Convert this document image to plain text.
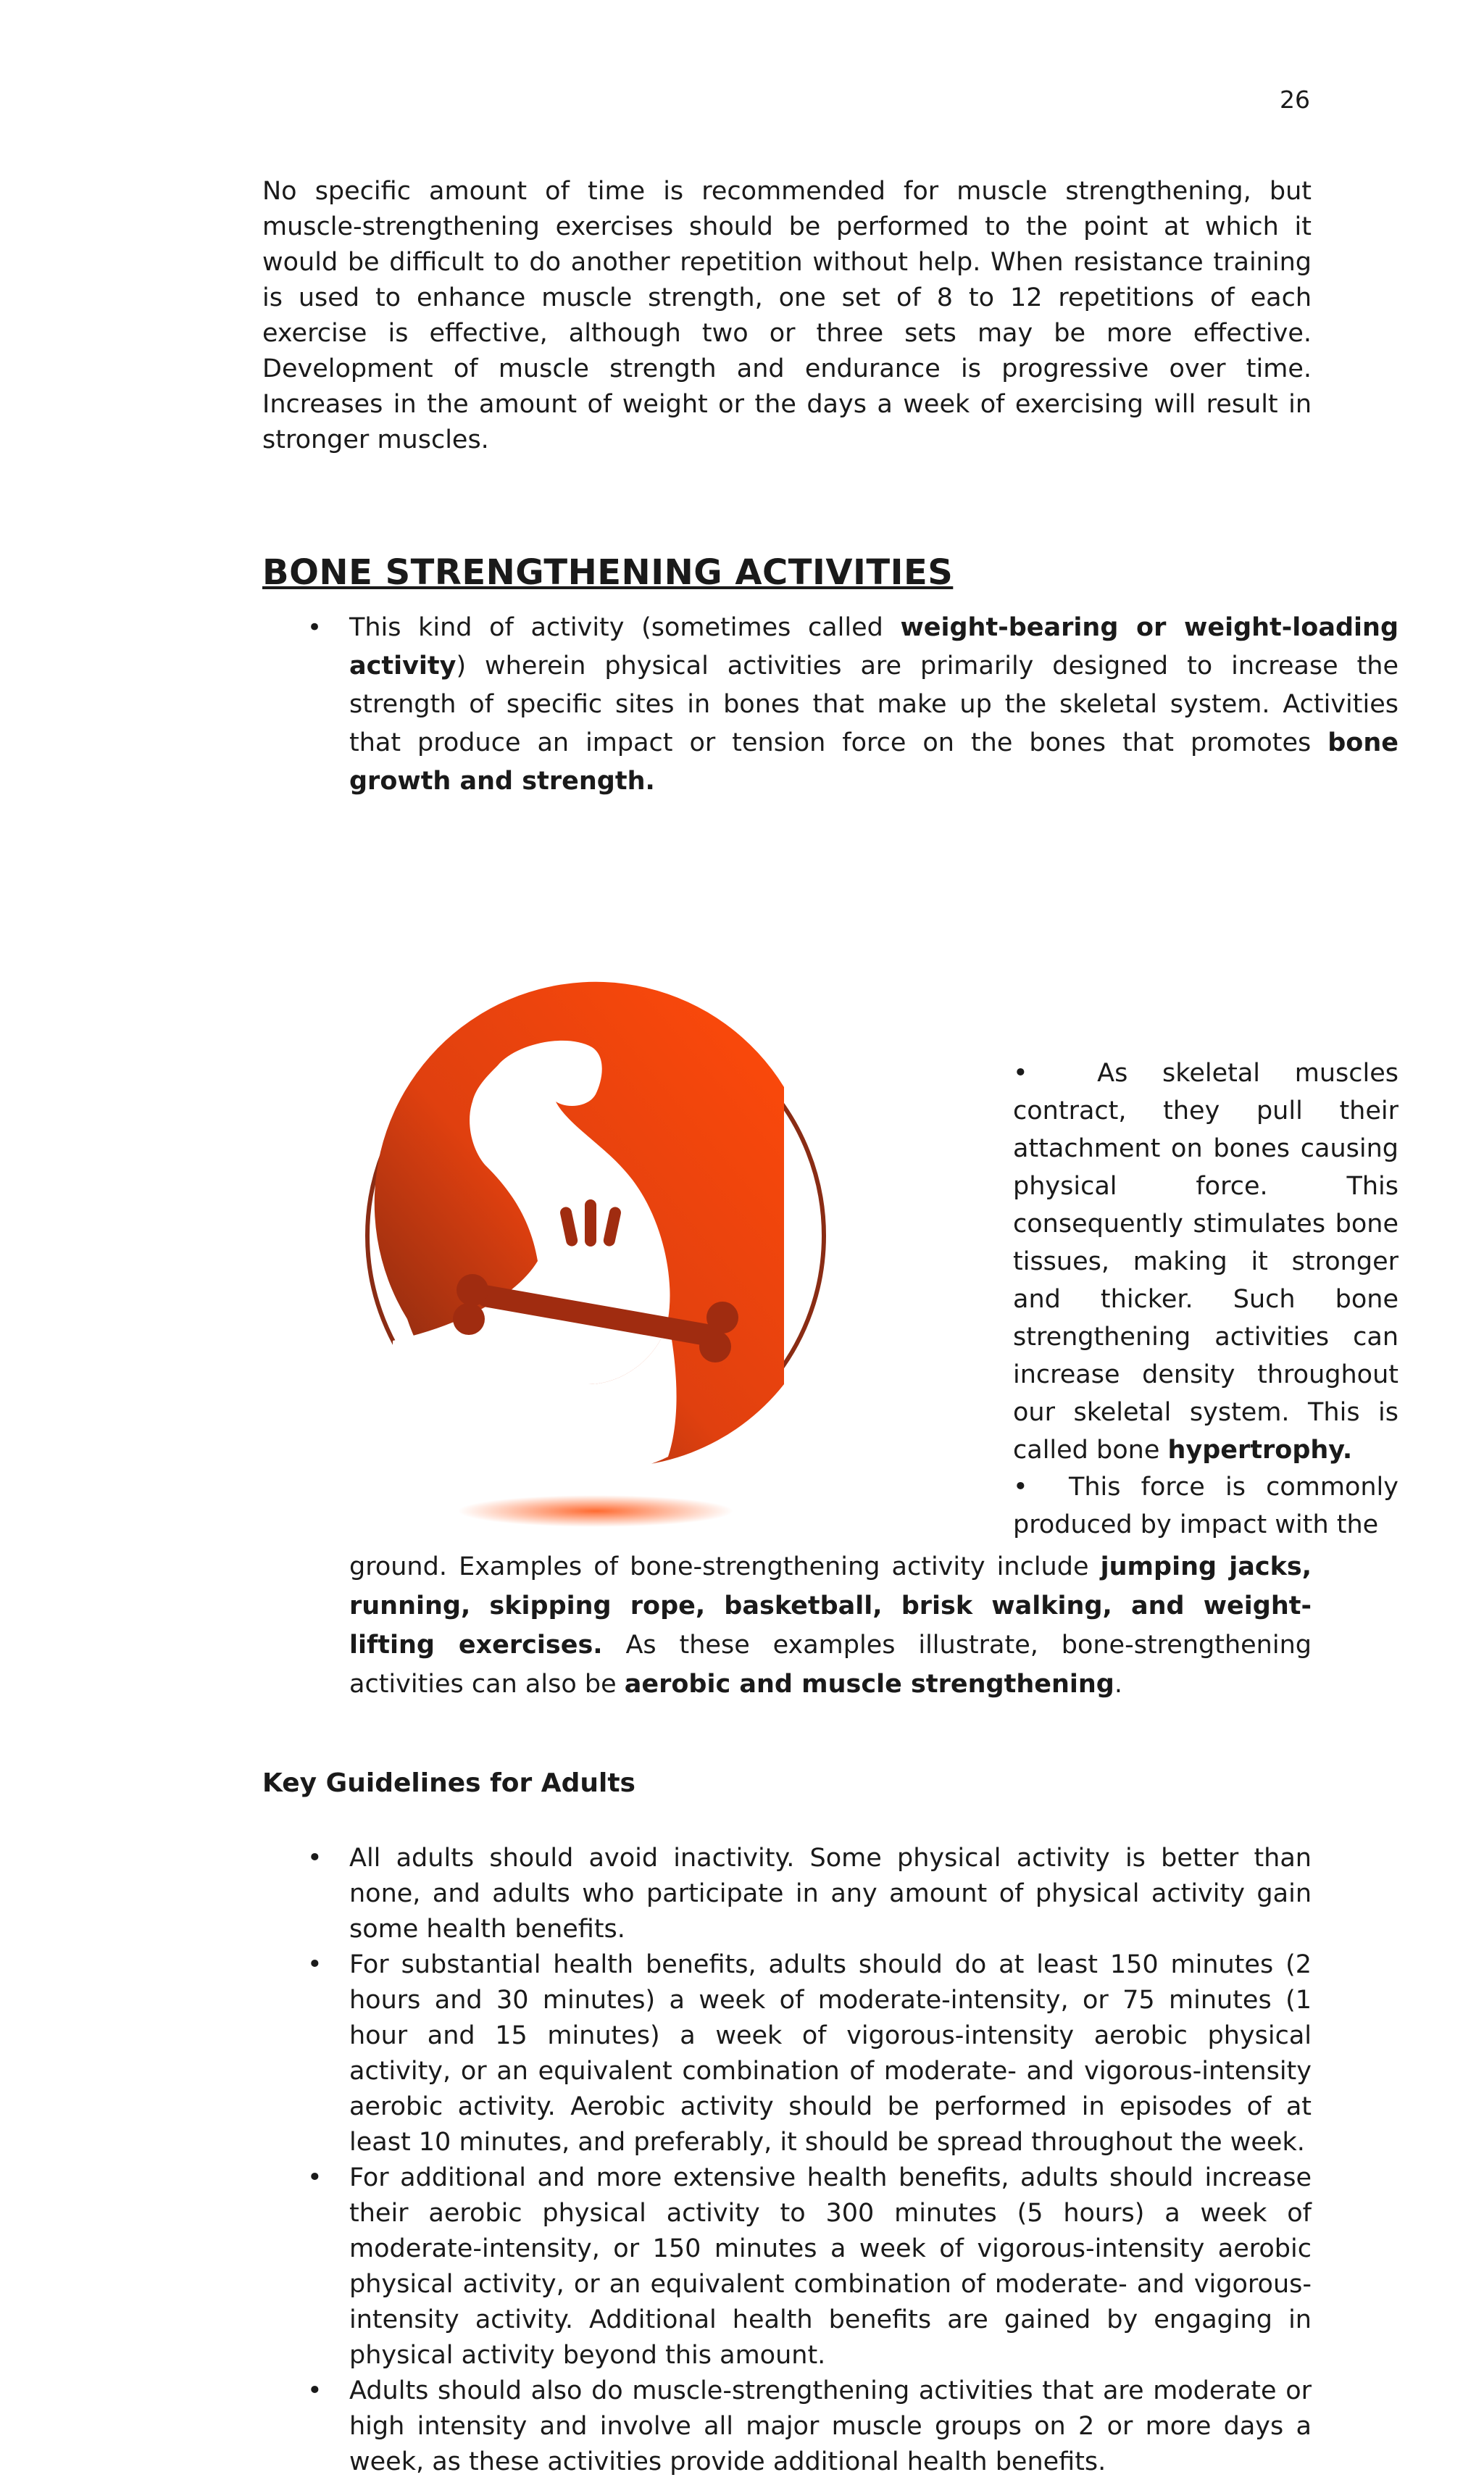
26

No specific amount of time is recommended for muscle strengthening, but muscle-strengthening exercises should be performed to the point at which it would be difficult to do another repetition without help. When resistance training is used to enhance muscle strength, one set of 8 to 12 repetitions of each exercise is effective, although two or three sets may be more effective. Development of muscle strength and endurance is progressive over time. Increases in the amount of weight or the days a week of exercising will result in stronger muscles.

BONE STRENGTHENING ACTIVITIES
• This kind of activity (sometimes called weight-bearing or weight-loading activity) wherein physical activities are primarily designed to increase the strength of specific sites in bones that make up the skeletal system. Activities that produce an impact or tension force on the bones that promotes bone growth and strength.
•	As skeletal muscles contract, they pull their attachment on bones causing physical force. This consequently stimulates bone tissues, making it stronger and thicker. Such bone strengthening activities can increase density throughout our skeletal system. This is called bone hypertrophy.
• This force is commonly produced by impact with the
ground. Examples of bone-strengthening activity include jumping jacks, running, skipping rope, basketball, brisk walking, and weight-lifting exercises. As these examples illustrate, bone-strengthening activities can also be aerobic and muscle strengthening.
Key Guidelines for Adults
• All adults should avoid inactivity. Some physical activity is better than none, and adults who participate in any amount of physical activity gain some health benefits.
• For substantial health benefits, adults should do at least 150 minutes (2 hours and 30 minutes) a week of moderate-intensity, or 75 minutes (1 hour and 15 minutes) a week of vigorous-intensity aerobic physical activity, or an equivalent combination of moderate- and vigorous-intensity aerobic activity. Aerobic activity should be performed in episodes of at least 10 minutes, and preferably, it should be spread throughout the week.
• For additional and more extensive health benefits, adults should increase their aerobic physical activity to 300 minutes (5 hours) a week of moderate-intensity, or 150 minutes a week of vigorous-intensity aerobic physical activity, or an equivalent combination of moderate- and vigorous-intensity activity. Additional health benefits are gained by engaging in physical activity beyond this amount.
• Adults should also do muscle-strengthening activities that are moderate or high intensity and involve all major muscle groups on 2 or more days a week, as these activities provide additional health benefits.
